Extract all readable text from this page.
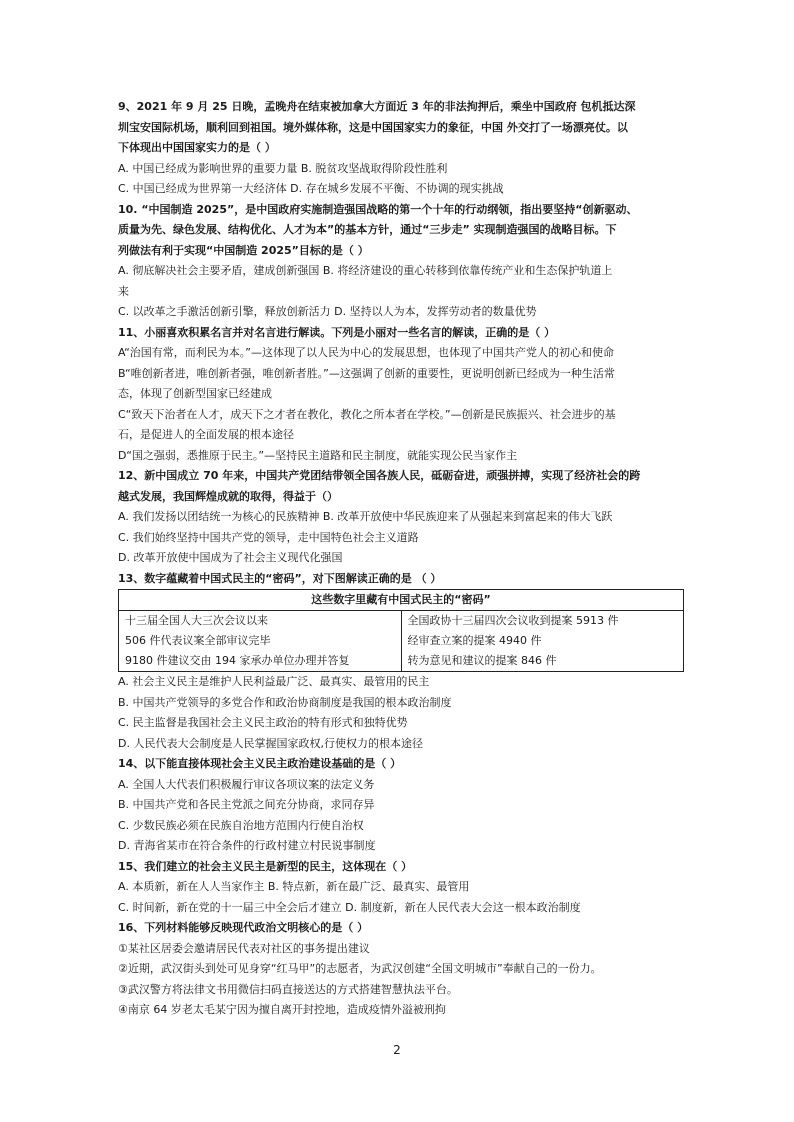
9、2021 年 9 月 25 日晚，孟晚舟在结束被加拿大方面近 3 年的非法拘押后，乘坐中国政府 包机抵达深
圳宝安国际机场，顺利回到祖国。境外媒体称，这是中国国家实力的象征，中国 外交打了一场漂亮仗。以
下体现出中国国家实力的是（ ）
A. 中国已经成为影响世界的重要力量 B. 脱贫攻坚战取得阶段性胜利
C. 中国已经成为世界第一大经济体 D. 存在城乡发展不平衡、不协调的现实挑战
10. “中国制造 2025”，是中国政府实施制造强国战略的第一个十年的行动纲领，指出要坚持“创新驱动、
质量为先、绿色发展、结构优化、人才为本”的基本方针，通过“三步走” 实现制造强国的战略目标。下
列做法有利于实现“中国制造 2025”目标的是（ ）
A. 彻底解决社会主要矛盾，建成创新强国 B. 将经济建设的重心转移到依靠传统产业和生态保护轨道上
来
C. 以改革之手激活创新引擎，释放创新活力 D. 坚持以人为本，发挥劳动者的数量优势
11、小丽喜欢积累名言并对名言进行解读。下列是小丽对一些名言的解读，正确的是（ ）
A“治国有常，而利民为本。”—这体现了以人民为中心的发展思想，也体现了中国共产党人的初心和使命
B“唯创新者进，唯创新者强，唯创新者胜。”—这强调了创新的重要性，更说明创新已经成为一种生活常
态，体现了创新型国家已经建成
C“致天下治者在人才，成天下之才者在教化，教化之所本者在学校。”—创新是民族振兴、社会进步的基
石，是促进人的全面发展的根本途径
D“国之强弱，悉推原于民主。”—坚持民主道路和民主制度，就能实现公民当家作主
12、新中国成立 70 年来，中国共产党团结带领全国各族人民，砥砺奋进，顽强拼搏，实现了经济社会的跨
越式发展，我国辉煌成就的取得，得益于（）
A. 我们发扬以团结统一为核心的民族精神 B. 改革开放使中华民族迎来了从强起来到富起来的伟大飞跃
C. 我们始终坚持中国共产党的领导，走中国特色社会主义道路
D. 改革开放使中国成为了社会主义现代化强国
13、数字蕴藏着中国式民主的“密码”，对下图解读正确的是 （ ）
这些数字里藏有中国式民主的“密码”

十三届全国人大三次会议以来
506 件代表议案全部审议完毕
9180 件建议交由 194 家承办单位办理并答复

全国政协十三届四次会议收到提案 5913 件
经审查立案的提案 4940 件
转为意见和建议的提案 846 件
A. 社会主义民主是维护人民利益最广泛、最真实、最管用的民主
B. 中国共产党领导的多党合作和政治协商制度是我国的根本政治制度
C. 民主监督是我国社会主义民主政治的特有形式和独特优势
D. 人民代表大会制度是人民掌握国家政权,行使权力的根本途径
14、以下能直接体现社会主义民主政治建设基础的是（ ）
A. 全国人大代表们积极履行审议各项议案的法定义务
B. 中国共产党和各民主党派之间充分协商，求同存异
C. 少数民族必须在民族自治地方范围内行使自治权
D. 青海省某市在符合条件的行政村建立村民说事制度
15、我们建立的社会主义民主是新型的民主，这体现在（ ）
A. 本质新，新在人人当家作主 B. 特点新，新在最广泛、最真实、最管用
C. 时间新，新在党的十一届三中全会后才建立 D. 制度新，新在人民代表大会这一根本政治制度
16、下列材料能够反映现代政治文明核心的是（ ）
①某社区居委会邀请居民代表对社区的事务提出建议
②近期，武汉街头到处可见身穿“红马甲”的志愿者，为武汉创建“全国文明城市”奉献自己的一份力。
③武汉警方将法律文书用微信扫码直接送达的方式搭建智慧执法平台。
④南京 64 岁老太毛某宁因为擅自离开封控地，造成疫情外溢被刑拘
2
